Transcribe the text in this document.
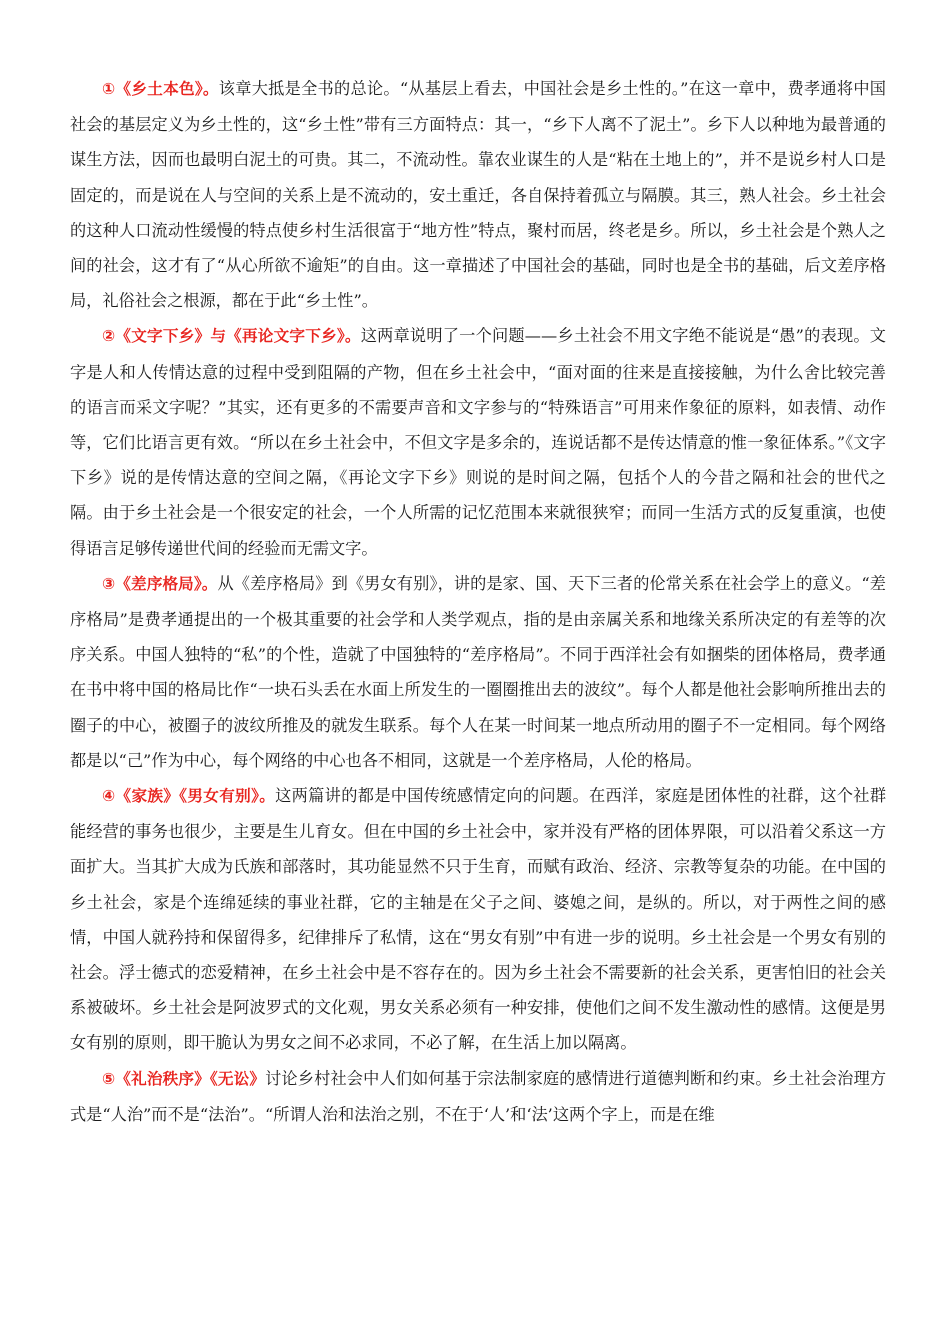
①《乡土本色》。该章大抵是全书的总论。“从基层上看去，中国社会是乡土性的。”在这一章中，费孝通将中国社会的基层定义为乡土性的，这“乡土性”带有三方面特点：其一，“乡下人离不了泥土”。乡下人以种地为最普通的谋生方法，因而也最明白泥土的可贵。其二，不流动性。靠农业谋生的人是“粘在土地上的”，并不是说乡村人口是固定的，而是说在人与空间的关系上是不流动的，安土重迁，各自保持着孤立与隔膜。其三，熟人社会。乡土社会的这种人口流动性缓慢的特点使乡村生活很富于“地方性”特点，聚村而居，终老是乡。所以，乡土社会是个熟人之间的社会，这才有了“从心所欲不逾矩”的自由。这一章描述了中国社会的基础，同时也是全书的基础，后文差序格局，礼俗社会之根源，都在于此“乡土性”。

②《文字下乡》与《再论文字下乡》。这两章说明了一个问题——乡土社会不用文字绝不能说是“愚”的表现。文字是人和人传情达意的过程中受到阻隔的产物，但在乡土社会中，“面对面的往来是直接接触，为什么舍比较完善的语言而采文字呢？”其实，还有更多的不需要声音和文字参与的“特殊语言”可用来作象征的原料，如表情、动作等，它们比语言更有效。“所以在乡土社会中，不但文字是多余的，连说话都不是传达情意的惟一象征体系。”《文字下乡》说的是传情达意的空间之隔，《再论文字下乡》则说的是时间之隔，包括个人的今昔之隔和社会的世代之隔。由于乡土社会是一个很安定的社会，一个人所需的记忆范围本来就很狭窄；而同一生活方式的反复重演，也使得语言足够传递世代间的经验而无需文字。

③《差序格局》。从《差序格局》到《男女有别》，讲的是家、国、天下三者的伦常关系在社会学上的意义。“差序格局”是费孝通提出的一个极其重要的社会学和人类学观点，指的是由亲属关系和地缘关系所决定的有差等的次序关系。中国人独特的“私”的个性，造就了中国独特的“差序格局”。不同于西洋社会有如捆柴的团体格局，费孝通在书中将中国的格局比作“一块石头丢在水面上所发生的一圈圈推出去的波纹”。每个人都是他社会影响所推出去的圈子的中心，被圈子的波纹所推及的就发生联系。每个人在某一时间某一地点所动用的圈子不一定相同。每个网络都是以“己”作为中心，每个网络的中心也各不相同，这就是一个差序格局，人伦的格局。

④《家族》《男女有别》。这两篇讲的都是中国传统感情定向的问题。在西洋，家庭是团体性的社群，这个社群能经营的事务也很少，主要是生儿育女。但在中国的乡土社会中，家并没有严格的团体界限，可以沿着父系这一方面扩大。当其扩大成为氏族和部落时，其功能显然不只于生育，而赋有政治、经济、宗教等复杂的功能。在中国的乡土社会，家是个连绵延续的事业社群，它的主轴是在父子之间、婆媳之间，是纵的。所以，对于两性之间的感情，中国人就矜持和保留得多，纪律排斥了私情，这在“男女有别”中有进一步的说明。乡土社会是一个男女有别的社会。浮士德式的恋爱精神，在乡土社会中是不容存在的。因为乡土社会不需要新的社会关系，更害怕旧的社会关系被破坏。乡土社会是阿波罗式的文化观，男女关系必须有一种安排，使他们之间不发生激动性的感情。这便是男女有别的原则，即干脆认为男女之间不必求同，不必了解，在生活上加以隔离。

⑤《礼治秩序》《无讼》讨论乡村社会中人们如何基于宗法制家庭的感情进行道德判断和约束。乡土社会治理方式是“人治”而不是“法治”。“所谓人治和法治之别，不在于‘人’和‘法’这两个字上，而是在维
